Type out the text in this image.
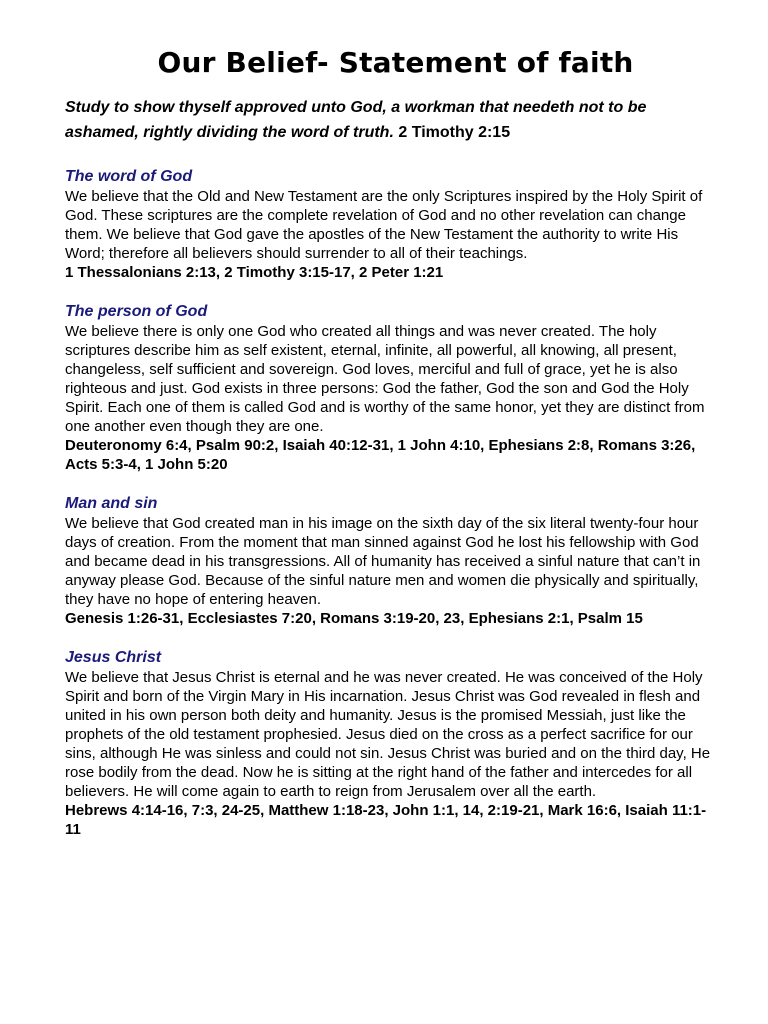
Our Belief- Statement of faith
Study to show thyself approved unto God, a workman that needeth not to be ashamed, rightly dividing the word of truth. 2 Timothy 2:15
The word of God

We believe that the Old and New Testament are the only Scriptures inspired by the Holy Spirit of God. These scriptures are the complete revelation of God and no other revelation can change them. We believe that God gave the apostles of the New Testament the authority to write His Word; therefore all believers should surrender to all of their teachings.

1 Thessalonians 2:13, 2 Timothy 3:15-17, 2 Peter 1:21

The person of God

We believe there is only one God who created all things and was never created. The holy scriptures describe him as self existent, eternal, infinite, all powerful, all knowing, all present, changeless, self sufficient and sovereign. God loves, merciful and full of grace, yet he is also righteous and just. God exists in three persons: God the father, God the son and God the Holy Spirit. Each one of them is called God and is worthy of the same honor, yet they are distinct from one another even though they are one.

Deuteronomy 6:4, Psalm 90:2, Isaiah 40:12-31, 1 John 4:10, Ephesians 2:8, Romans 3:26, Acts 5:3-4, 1 John 5:20

Man and sin

We believe that God created man in his image on the sixth day of the six literal twenty-four hour days of creation. From the moment that man sinned against God he lost his fellowship with God and became dead in his transgressions. All of humanity has received a sinful nature that can’t in anyway please God. Because of the sinful nature men and women die physically and spiritually, they have no hope of entering heaven.

Genesis 1:26-31, Ecclesiastes 7:20, Romans 3:19-20, 23, Ephesians 2:1, Psalm 15

Jesus Christ

We believe that Jesus Christ is eternal and he was never created. He was conceived of the Holy Spirit and born of the Virgin Mary in His incarnation. Jesus Christ was God revealed in flesh and united in his own person both deity and humanity. Jesus is the promised Messiah, just like the prophets of the old testament prophesied. Jesus died on the cross as a perfect sacrifice for our sins, although He was sinless and could not sin. Jesus Christ was buried and on the third day, He rose bodily from the dead. Now he is sitting at the right hand of the father and intercedes for all believers. He will come again to earth to reign from Jerusalem over all the earth.

Hebrews 4:14-16, 7:3, 24-25, Matthew 1:18-23, John 1:1, 14, 2:19-21, Mark 16:6, Isaiah 11:1-11
